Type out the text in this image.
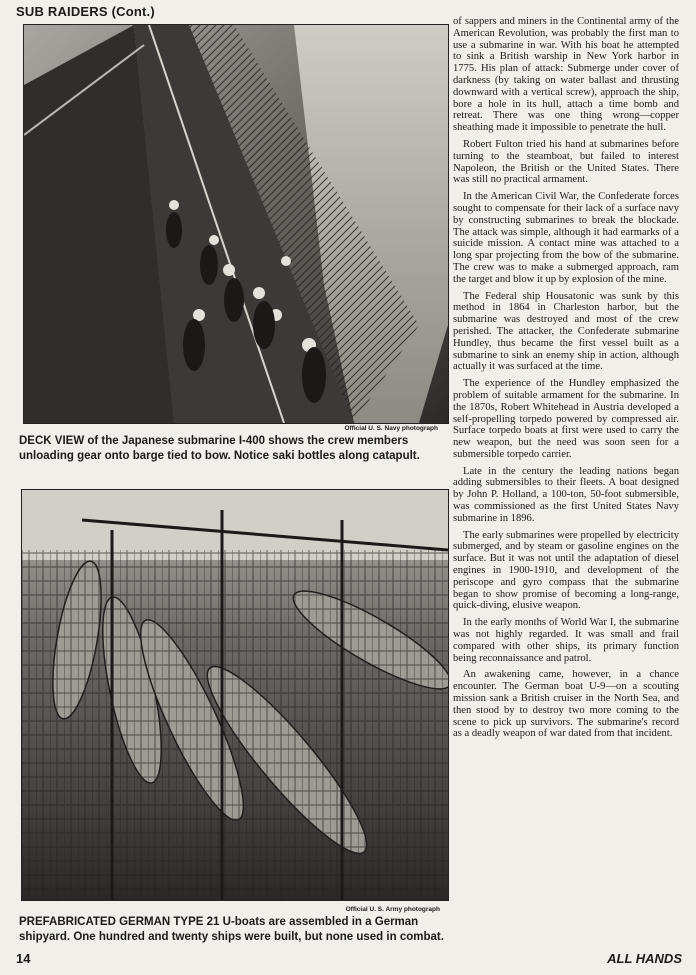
SUB RAIDERS (Cont.)
Official U. S. Navy photograph
DECK VIEW of the Japanese submarine I-400 shows the crew members unloading gear onto barge tied to bow. Notice saki bottles along catapult.
Official U. S. Army photograph
PREFABRICATED GERMAN TYPE 21 U-boats are assembled in a German shipyard. One hundred and twenty ships were built, but none used in combat.

of sappers and miners in the Continental army of the American Revolution, was probably the first man to use a submarine in war. With his boat he attempted to sink a British warship in New York harbor in 1775. His plan of attack: Submerge under cover of darkness (by taking on water ballast and thrusting downward with a vertical screw), approach the ship, bore a hole in its hull, attach a time bomb and retreat. There was one thing wrong—copper sheathing made it impossible to penetrate the hull.

Robert Fulton tried his hand at submarines before turning to the steamboat, but failed to interest Napoleon, the British or the United States. There was still no practical armament.

In the American Civil War, the Confederate forces sought to compensate for their lack of a surface navy by constructing submarines to break the blockade. The attack was simple, although it had earmarks of a suicide mission. A contact mine was attached to a long spar projecting from the bow of the submarine. The crew was to make a submerged approach, ram the target and blow it up by explosion of the mine.

The Federal ship Housatonic was sunk by this method in 1864 in Charleston harbor, but the submarine was destroyed and most of the crew perished. The attacker, the Confederate submarine Hundley, thus became the first vessel built as a submarine to sink an enemy ship in action, although actually it was surfaced at the time.

The experience of the Hundley emphasized the problem of suitable armament for the submarine. In the 1870s, Robert Whitehead in Austria developed a self-propelling torpedo powered by compressed air. Surface torpedo boats at first were used to carry the new weapon, but the need was soon seen for a submersible torpedo carrier.

Late in the century the leading nations began adding submersibles to their fleets. A boat designed by John P. Holland, a 100-ton, 50-foot submersible, was commissioned as the first United States Navy submarine in 1896.

The early submarines were propelled by electricity submerged, and by steam or gasoline engines on the surface. But it was not until the adaptation of diesel engines in 1900-1910, and development of the periscope and gyro compass that the submarine began to show promise of becoming a long-range, quick-diving, elusive weapon.

In the early months of World War I, the submarine was not highly regarded. It was small and frail compared with other ships, its primary function being reconnaissance and patrol.

An awakening came, however, in a chance encounter. The German boat U-9—on a scouting mission sank a British cruiser in the North Sea, and then stood by to destroy two more coming to the scene to pick up survivors. The submarine's record as a deadly weapon of war dated from that incident.

14	ALL HANDS
